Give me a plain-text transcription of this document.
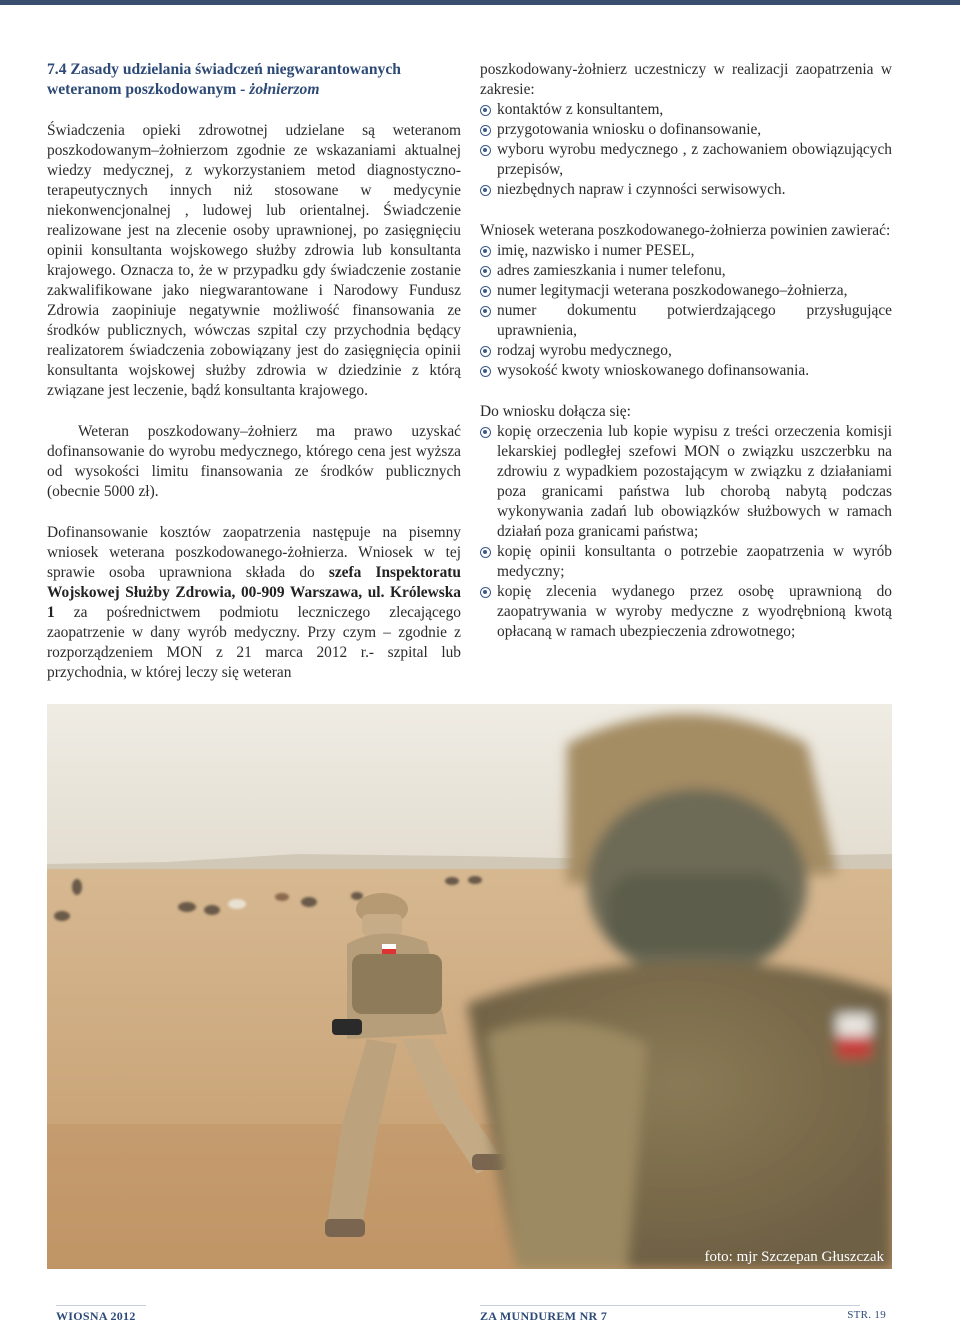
7.4 Zasady udzielania świadczeń niegwarantowanych weteranom poszkodowanym - żołnierzom

Świadczenia opieki zdrowotnej udzielane są weteranom poszkodowanym–żołnierzom zgodnie ze wskazaniami aktualnej wiedzy medycznej, z wykorzystaniem metod diagnostyczno-terapeutycznych innych niż stosowane w medycynie niekonwencjonalnej , ludowej lub orientalnej. Świadczenie realizowane jest na zlecenie osoby uprawnionej, po zasięgnięciu opinii konsultanta wojskowego służby zdrowia lub konsultanta krajowego. Oznacza to, że w przypadku gdy świadczenie zostanie zakwalifikowane jako niegwarantowane i Narodowy Fundusz Zdrowia zaopiniuje negatywnie możliwość finansowania ze środków publicznych, wówczas szpital czy przychodnia będący realizatorem świadczenia zobowiązany jest do zasięgnięcia opinii konsultanta wojskowej służby zdrowia w dziedzinie z którą związane jest leczenie, bądź konsultanta krajowego.

Weteran poszkodowany–żołnierz ma prawo uzyskać dofinansowanie do wyrobu medycznego, którego cena jest wyższa od wysokości limitu finansowania ze środków publicznych (obecnie 5000 zł).

Dofinansowanie kosztów zaopatrzenia następuje na pisemny wniosek weterana poszkodowanego-żołnierza. Wniosek w tej sprawie osoba uprawniona składa do szefa Inspektoratu Wojskowej Służby Zdrowia, 00-909 Warszawa, ul. Królewska 1 za pośrednictwem podmiotu leczniczego zlecającego zaopatrzenie w dany wyrób medyczny. Przy czym – zgodnie z rozporządzeniem MON z 21 marca 2012 r.- szpital lub przychodnia, w której leczy się weteran

poszkodowany-żołnierz uczestniczy w realizacji zaopatrzenia w zakresie:

kontaktów z konsultantem,
przygotowania wniosku o dofinansowanie,
wyboru wyrobu medycznego , z zachowaniem obowiązujących przepisów,
niezbędnych napraw i czynności serwisowych.

Wniosek weterana poszkodowanego-żołnierza powinien zawierać:

imię, nazwisko i numer PESEL,
adres zamieszkania i numer telefonu,
numer legitymacji weterana poszkodowanego–żołnierza,
numer dokumentu potwierdzającego przysługujące uprawnienia,
rodzaj wyrobu medycznego,
wysokość kwoty wnioskowanego dofinansowania.

Do wniosku dołącza się:

kopię orzeczenia lub kopie wypisu z treści orzeczenia komisji lekarskiej podległej szefowi MON o związku uszczerbku na zdrowiu z wypadkiem pozostającym w związku z działaniami poza granicami państwa lub chorobą nabytą podczas wykonywania zadań lub obowiązków służbowych w ramach działań poza granicami państwa;
kopię opinii konsultanta o potrzebie zaopatrzenia w wyrób medyczny;
kopię zlecenia wydanego przez osobę uprawnioną do zaopatrywania w wyroby medyczne z wyodrębnioną kwotą opłacaną w ramach ubezpieczenia zdrowotnego;
foto: mjr Szczepan Głuszczak
WIOSNA 2012	ZA MUNDUREM NR 7	STR. 19
